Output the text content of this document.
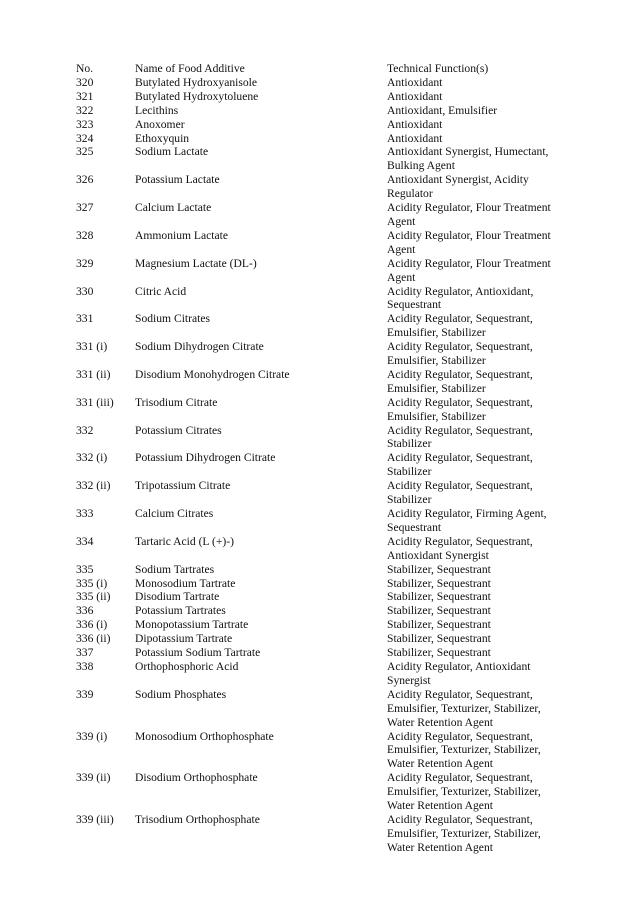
No.	Name of Food Additive	Technical Function(s)

320	Butylated Hydroxyanisole	Antioxidant

321	Butylated Hydroxytoluene	Antioxidant

322	Lecithins	Antioxidant, Emulsifier

323	Anoxomer	Antioxidant

324	Ethoxyquin	Antioxidant

325	Sodium Lactate	Antioxidant Synergist, Humectant,
Bulking Agent

326	Potassium Lactate	Antioxidant Synergist, Acidity
Regulator

327	Calcium Lactate	Acidity Regulator, Flour Treatment
Agent

328	Ammonium Lactate	Acidity Regulator, Flour Treatment
Agent

329	Magnesium Lactate (DL-)	Acidity Regulator, Flour Treatment
Agent

330	Citric Acid	Acidity Regulator, Antioxidant,
Sequestrant

331	Sodium Citrates	Acidity Regulator, Sequestrant,
Emulsifier, Stabilizer

331 (i)	Sodium Dihydrogen Citrate	Acidity Regulator, Sequestrant,
Emulsifier, Stabilizer

331 (ii)	Disodium Monohydrogen Citrate	Acidity Regulator, Sequestrant,
Emulsifier, Stabilizer

331 (iii)	Trisodium Citrate	Acidity Regulator, Sequestrant,
Emulsifier, Stabilizer

332	Potassium Citrates	Acidity Regulator, Sequestrant,
Stabilizer

332 (i)	Potassium Dihydrogen Citrate	Acidity Regulator, Sequestrant,
Stabilizer

332 (ii)	Tripotassium Citrate	Acidity Regulator, Sequestrant,
Stabilizer

333	Calcium Citrates	Acidity Regulator, Firming Agent,
Sequestrant

334	Tartaric Acid (L (+)-)	Acidity Regulator, Sequestrant,
Antioxidant Synergist

335	Sodium Tartrates	Stabilizer, Sequestrant

335 (i)	Monosodium Tartrate	Stabilizer, Sequestrant

335 (ii)	Disodium Tartrate	Stabilizer, Sequestrant

336	Potassium Tartrates	Stabilizer, Sequestrant

336 (i)	Monopotassium Tartrate	Stabilizer, Sequestrant

336 (ii)	Dipotassium Tartrate	Stabilizer, Sequestrant

337	Potassium Sodium Tartrate	Stabilizer, Sequestrant

338	Orthophosphoric Acid	Acidity Regulator, Antioxidant
Synergist

339	Sodium Phosphates	Acidity Regulator, Sequestrant,
Emulsifier, Texturizer, Stabilizer,
Water Retention Agent

339 (i)	Monosodium Orthophosphate	Acidity Regulator, Sequestrant,
Emulsifier, Texturizer, Stabilizer,
Water Retention Agent

339 (ii)	Disodium Orthophosphate	Acidity Regulator, Sequestrant,
Emulsifier, Texturizer, Stabilizer,
Water Retention Agent

339 (iii)	Trisodium Orthophosphate	Acidity Regulator, Sequestrant,
Emulsifier, Texturizer, Stabilizer,
Water Retention Agent
